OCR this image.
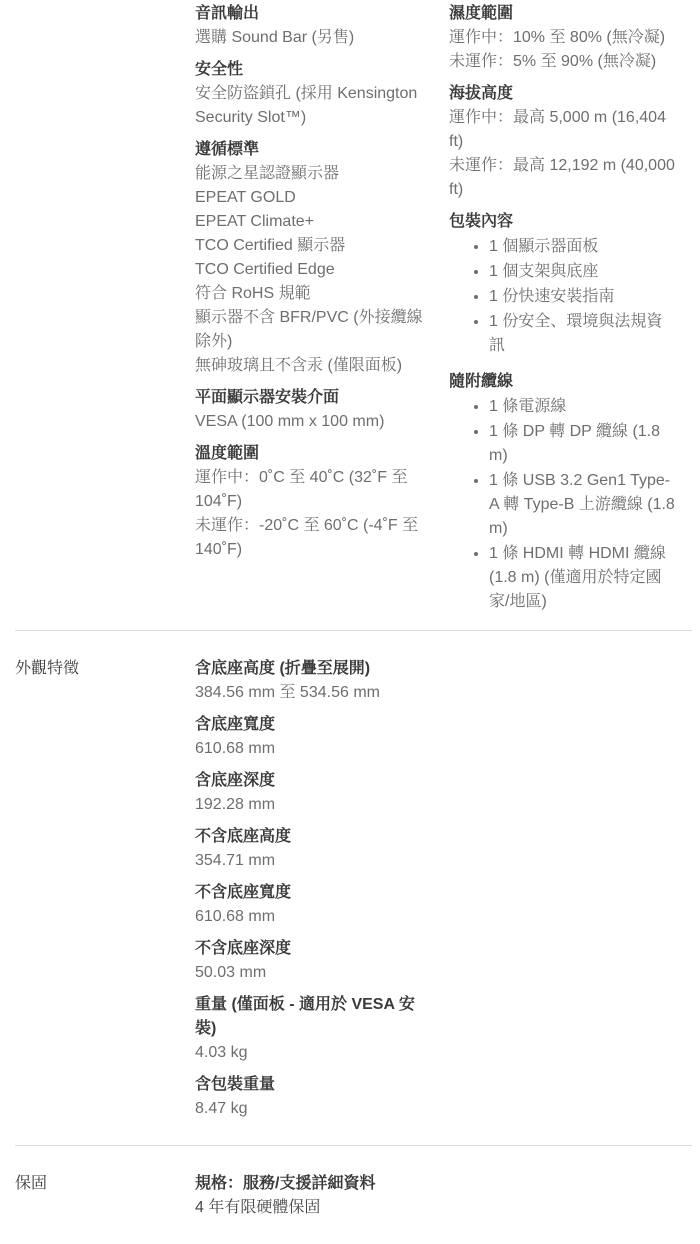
音訊輸出
選購 Sound Bar (另售)
安全性
安全防盜鎖孔 (採用 Kensington Security Slot™)
遵循標準
能源之星認證顯示器
EPEAT GOLD
EPEAT Climate+
TCO Certified 顯示器
TCO Certified Edge
符合 RoHS 規範
顯示器不含 BFR/PVC (外接纜線除外)
無砷玻璃且不含汞 (僅限面板)
平面顯示器安裝介面
VESA (100 mm x 100 mm)
溫度範圍
運作中：0˚C 至 40˚C (32˚F 至 104˚F)
未運作：-20˚C 至 60˚C (-4˚F 至 140˚F)
濕度範圍
運作中：10% 至 80% (無冷凝)
未運作：5% 至 90% (無冷凝)
海拔高度
運作中：最高 5,000 m (16,404 ft)
未運作：最高 12,192 m (40,000 ft)
包裝內容
• 1 個顯示器面板
• 1 個支架與底座
• 1 份快速安裝指南
• 1 份安全、環境與法規資訊
隨附纜線
• 1 條電源線
• 1 條 DP 轉 DP 纜線 (1.8 m)
• 1 條 USB 3.2 Gen1 Type-A 轉 Type-B 上游纜線 (1.8 m)
• 1 條 HDMI 轉 HDMI 纜線 (1.8 m) (僅適用於特定國家/地區)
外觀特徵	含底座高度 (折疊至展開)
384.56 mm 至 534.56 mm
含底座寬度
610.68 mm
含底座深度
192.28 mm
不含底座高度
354.71 mm
不含底座寬度
610.68 mm
不含底座深度
50.03 mm
重量 (僅面板 - 適用於 VESA 安裝)
4.03 kg
含包裝重量
8.47 kg
保固	規格：服務/支援詳細資料
4 年有限硬體保固
